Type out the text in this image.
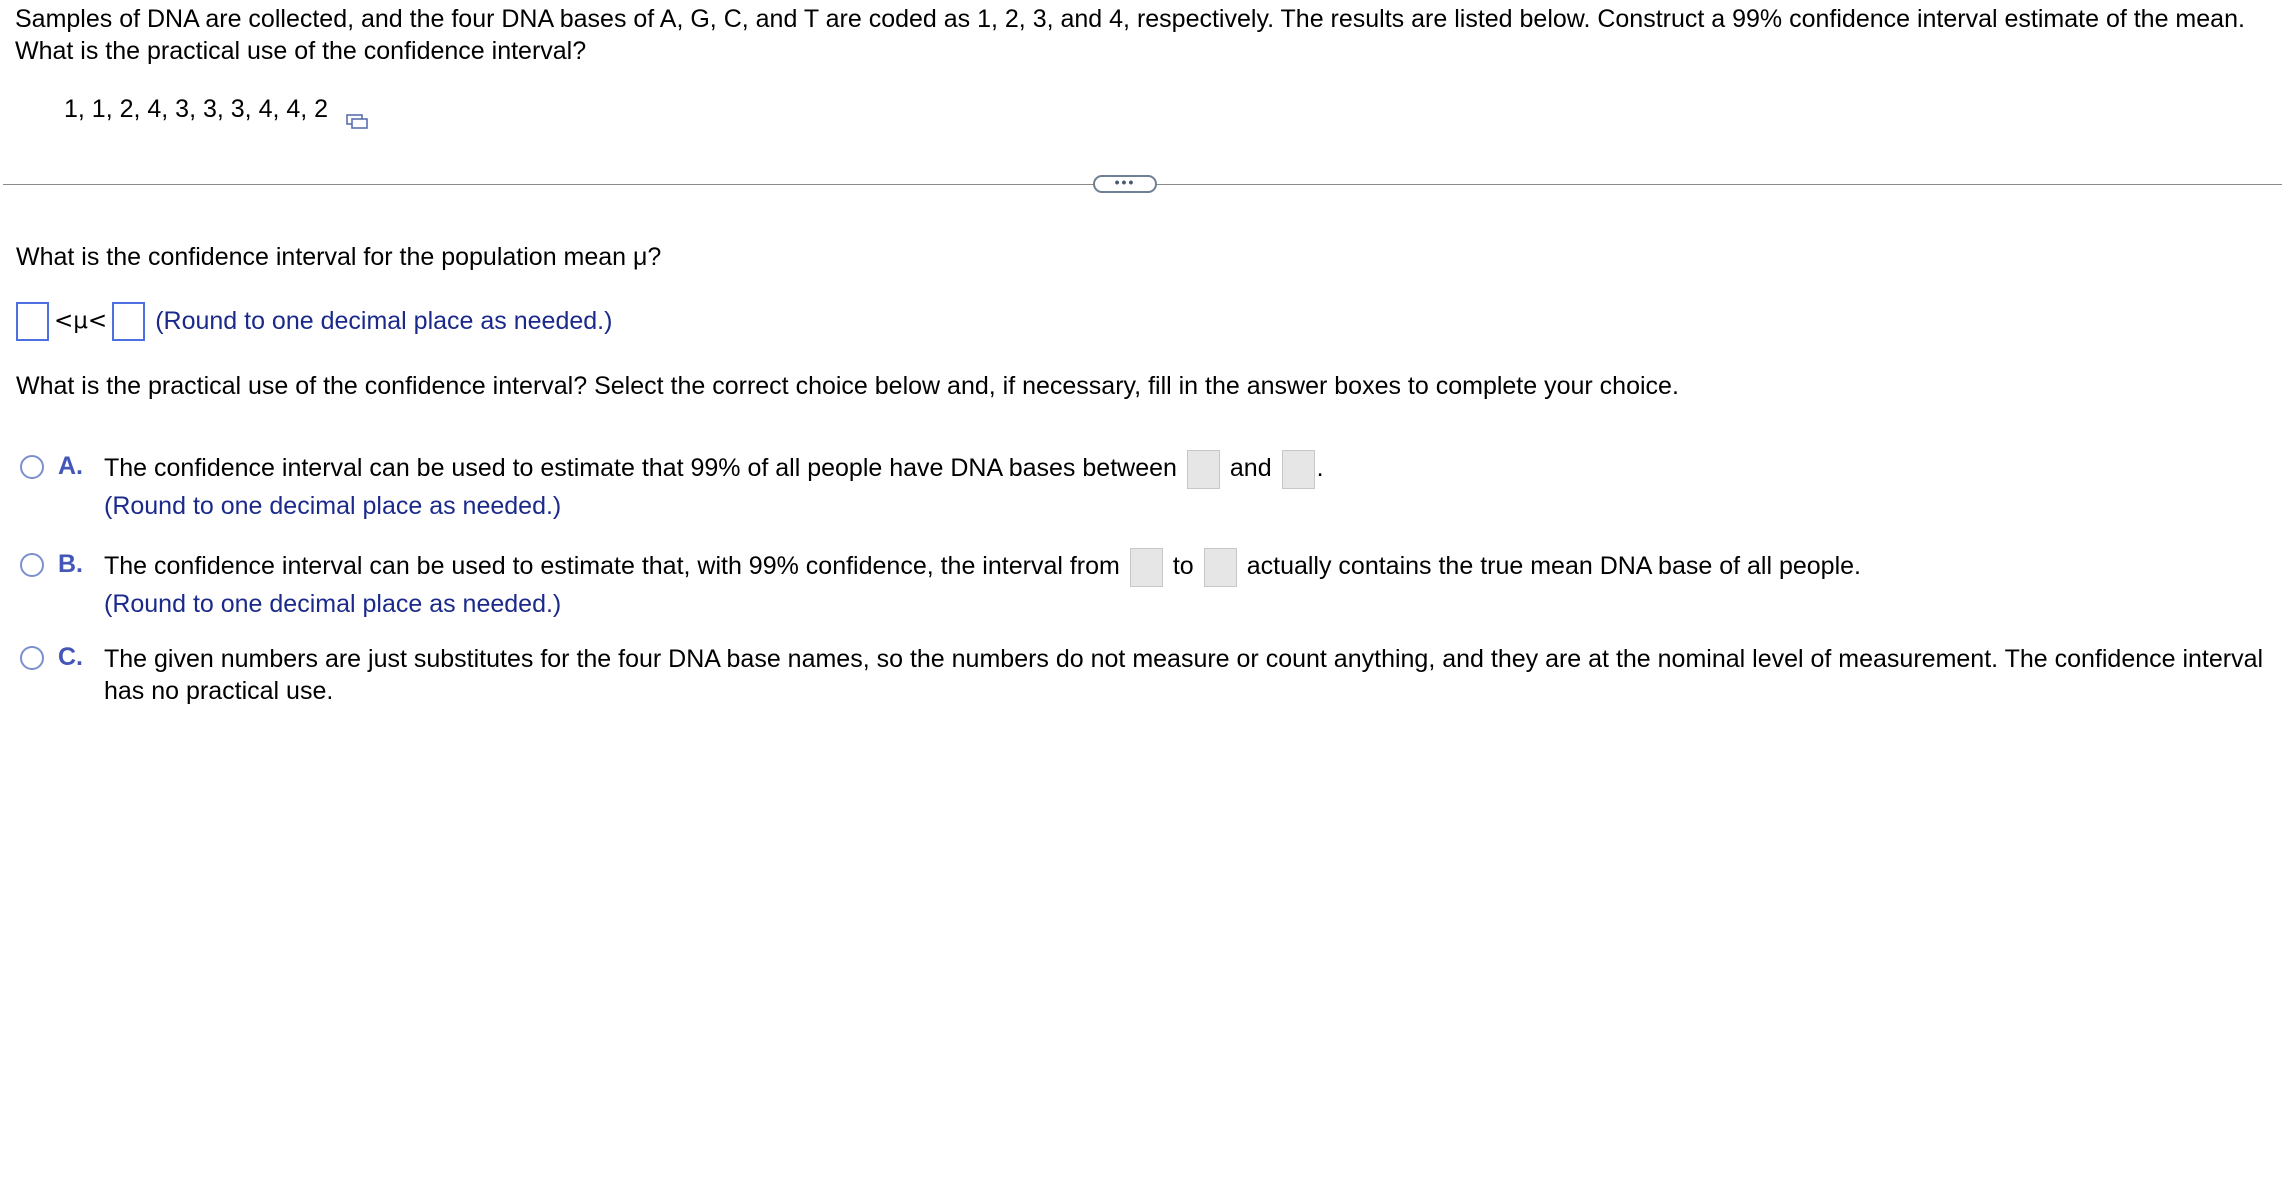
Samples of DNA are collected, and the four DNA bases of A, G, C, and T are coded as 1, 2, 3, and 4, respectively. The results are listed below. Construct a 99% confidence interval estimate of the mean. What is the practical use of the confidence interval?

1, 1, 2, 4, 3, 3, 3, 4, 4, 2
•••
What is the confidence interval for the population mean μ?
<μ< (Round to one decimal place as needed.)
What is the practical use of the confidence interval? Select the correct choice below and, if necessary, fill in the answer boxes to complete your choice.
A. The confidence interval can be used to estimate that 99% of all people have DNA bases between and .
(Round to one decimal place as needed.)
B. The confidence interval can be used to estimate that, with 99% confidence, the interval from to actually contains the true mean DNA base of all people.
(Round to one decimal place as needed.)
C. The given numbers are just substitutes for the four DNA base names, so the numbers do not measure or count anything, and they are at the nominal level of measurement. The confidence interval has no practical use.
